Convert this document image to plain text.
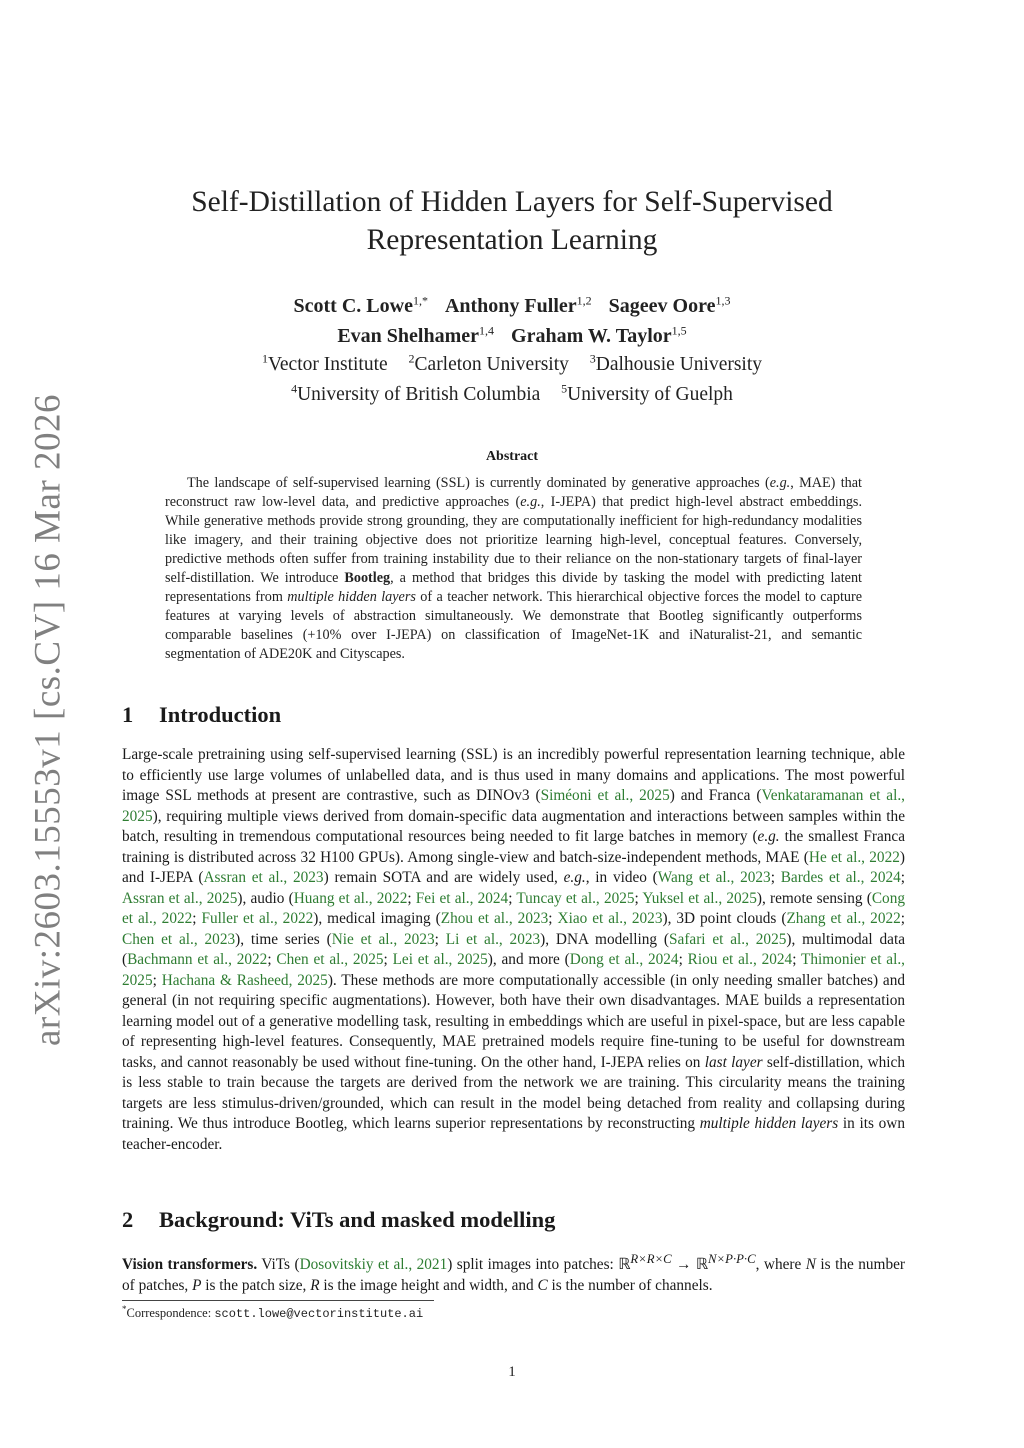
arXiv:2603.15553v1 [cs.CV] 16 Mar 2026
Self-Distillation of Hidden Layers for Self-Supervised
Representation Learning
Scott C. Lowe$^{1,*}$ Anthony Fuller$^{1,2}$ Sageev Oore$^{1,3}$
Evan Shelhamer$^{1,4}$ Graham W. Taylor$^{1,5}$
$^1$Vector Institute $^2$Carleton University $^3$Dalhousie University
$^4$University of British Columbia $^5$University of Guelph
Abstract

The landscape of self-supervised learning (SSL) is currently dominated by generative approaches (e.g., MAE) that reconstruct raw low-level data, and predictive approaches (e.g., I-JEPA) that predict high-level abstract embeddings. While generative methods provide strong grounding, they are computationally inefficient for high-redundancy modalities like imagery, and their training objective does not prioritize learning high-level, conceptual features. Conversely, predictive methods often suffer from training instability due to their reliance on the non-stationary targets of final-layer self-distillation. We introduce Bootleg, a method that bridges this divide by tasking the model with predicting latent representations from multiple hidden layers of a teacher network. This hierarchical objective forces the model to capture features at varying levels of abstraction simultaneously. We demonstrate that Bootleg significantly outperforms comparable baselines (+10% over I-JEPA) on classification of ImageNet-1K and iNaturalist-21, and semantic segmentation of ADE20K and Cityscapes.

1 Introduction
Large-scale pretraining using self-supervised learning (SSL) is an incredibly powerful representation learning technique, able to efficiently use large volumes of unlabelled data, and is thus used in many domains and applications. The most powerful image SSL methods at present are contrastive, such as DINOv3 (Siméoni et al., 2025) and Franca (Venkataramanan et al., 2025), requiring multiple views derived from domain-specific data augmentation and interactions between samples within the batch, resulting in tremendous computational resources being needed to fit large batches in memory (e.g. the smallest Franca training is distributed across 32 H100 GPUs). Among single-view and batch-size-independent methods, MAE (He et al., 2022) and I-JEPA (Assran et al., 2023) remain SOTA and are widely used, e.g., in video (Wang et al., 2023; Bardes et al., 2024; Assran et al., 2025), audio (Huang et al., 2022; Fei et al., 2024; Tuncay et al., 2025; Yuksel et al., 2025), remote sensing (Cong et al., 2022; Fuller et al., 2022), medical imaging (Zhou et al., 2023; Xiao et al., 2023), 3D point clouds (Zhang et al., 2022; Chen et al., 2023), time series (Nie et al., 2023; Li et al., 2023), DNA modelling (Safari et al., 2025), multimodal data (Bachmann et al., 2022; Chen et al., 2025; Lei et al., 2025), and more (Dong et al., 2024; Riou et al., 2024; Thimonier et al., 2025; Hachana & Rasheed, 2025). These methods are more computationally accessible (in only needing smaller batches) and general (in not requiring specific augmentations). However, both have their own disadvantages. MAE builds a representation learning model out of a generative modelling task, resulting in embeddings which are useful in pixel-space, but are less capable of representing high-level features. Consequently, MAE pretrained models require fine-tuning to be useful for downstream tasks, and cannot reasonably be used without fine-tuning. On the other hand, I-JEPA relies on last layer self-distillation, which is less stable to train because the targets are derived from the network we are training. This circularity means the training targets are less stimulus-driven/grounded, which can result in the model being detached from reality and collapsing during training. We thus introduce Bootleg, which learns superior representations by reconstructing multiple hidden layers in its own teacher-encoder.
2 Background: ViTs and masked modelling
Vision transformers. ViTs (Dosovitskiy et al., 2021) split images into patches: ℝ$^{R\times R\times C}$ → ℝ$^{N\times P\cdot P\cdot C}$, where N is the number of patches, P is the patch size, R is the image height and width, and C is the number of channels.
*Correspondence: scott.lowe@vectorinstitute.ai
1
